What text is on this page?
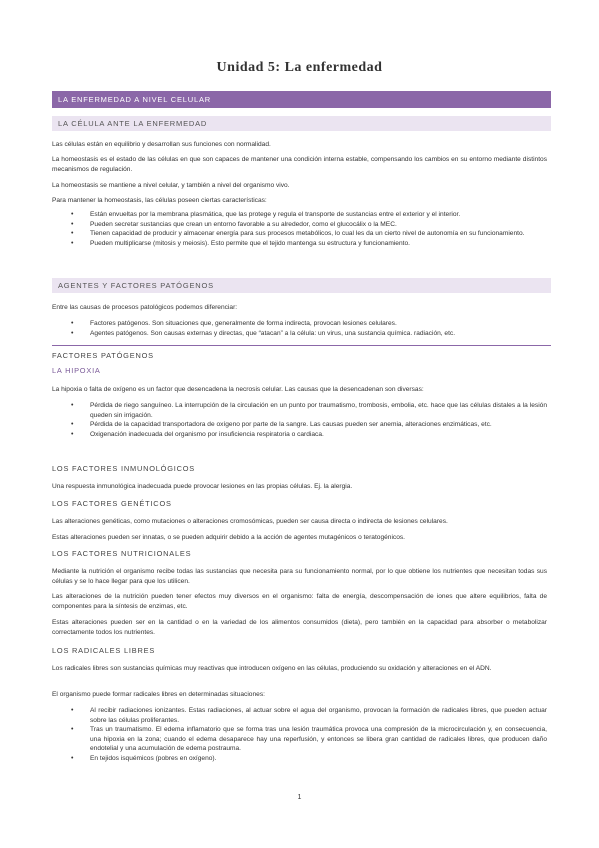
Unidad 5: La enfermedad
LA ENFERMEDAD A NIVEL CELULAR
LA CÉLULA ANTE LA ENFERMEDAD
Las células están en equilibrio y desarrollan sus funciones con normalidad.
La homeostasis es el estado de las células en que son capaces de mantener una condición interna estable, compensando los cambios en su entorno mediante distintos mecanismos de regulación.
La homeostasis se mantiene a nivel celular, y también a nivel del organismo vivo.
Para mantener la homeostasis, las células poseen ciertas características:
•	Están envueltas por la membrana plasmática, que las protege y regula el transporte de sustancias entre el exterior y el interior.
•	Pueden secretar sustancias que crean un entorno favorable a su alrededor, como el glucocálix o la MEC.
•	Tienen capacidad de producir y almacenar energía para sus procesos metabólicos, lo cual les da un cierto nivel de autonomía en su funcionamiento.
•	Pueden multiplicarse (mitosis y meiosis). Esto permite que el tejido mantenga su estructura y funcionamiento.
AGENTES Y FACTORES PATÓGENOS
Entre las causas de procesos patológicos podemos diferenciar:
•	Factores patógenos. Son situaciones que, generalmente de forma indirecta, provocan lesiones celulares.
•	Agentes patógenos. Son causas externas y directas, que “atacan” a la célula: un virus, una sustancia química. radiación, etc.
FACTORES PATÓGENOS
LA HIPOXIA
La hipoxia o falta de oxígeno es un factor que desencadena la necrosis celular. Las causas que la desencadenan son diversas:
•	Pérdida de riego sanguíneo. La interrupción de la circulación en un punto por traumatismo, trombosis, embolia, etc. hace que las células distales a la lesión queden sin irrigación.
•	Pérdida de la capacidad transportadora de oxígeno por parte de la sangre. Las causas pueden ser anemia, alteraciones enzimáticas, etc.
•	Oxigenación inadecuada del organismo por insuficiencia respiratoria o cardiaca.
LOS FACTORES INMUNOLÓGICOS
Una respuesta inmunológica inadecuada puede provocar lesiones en las propias células. Ej. la alergia.
LOS FACTORES GENÉTICOS
Las alteraciones genéticas, como mutaciones o alteraciones cromosómicas, pueden ser causa directa o indirecta de lesiones celulares.
Estas alteraciones pueden ser innatas, o se pueden adquirir debido a la acción de agentes mutagénicos o teratogénicos.
LOS FACTORES NUTRICIONALES
Mediante la nutrición el organismo recibe todas las sustancias que necesita para su funcionamiento normal, por lo que obtiene los nutrientes que necesitan todas sus células y se lo hace llegar para que los utilicen.
Las alteraciones de la nutrición pueden tener efectos muy diversos en el organismo: falta de energía, descompensación de iones que altere equilibrios, falta de componentes para la síntesis de enzimas, etc.
Estas alteraciones pueden ser en la cantidad o en la variedad de los alimentos consumidos (dieta), pero también en la capacidad para absorber o metabolizar correctamente todos los nutrientes.
LOS RADICALES LIBRES
Los radicales libres son sustancias químicas muy reactivas que introducen oxígeno en las células, produciendo su oxidación y alteraciones en el ADN.
El organismo puede formar radicales libres en determinadas situaciones:
•	Al recibir radiaciones ionizantes. Estas radiaciones, al actuar sobre el agua del organismo, provocan la formación de radicales libres, que pueden actuar sobre las células proliferantes.
•	Tras un traumatismo. El edema inflamatorio que se forma tras una lesión traumática provoca una compresión de la microcirculación y, en consecuencia, una hipoxia en la zona; cuando el edema desaparece hay una reperfusión, y entonces se libera gran cantidad de radicales libres, que producen daño endotelial y una acumulación de edema postrauma.
•	En tejidos isquémicos (pobres en oxígeno).
1
